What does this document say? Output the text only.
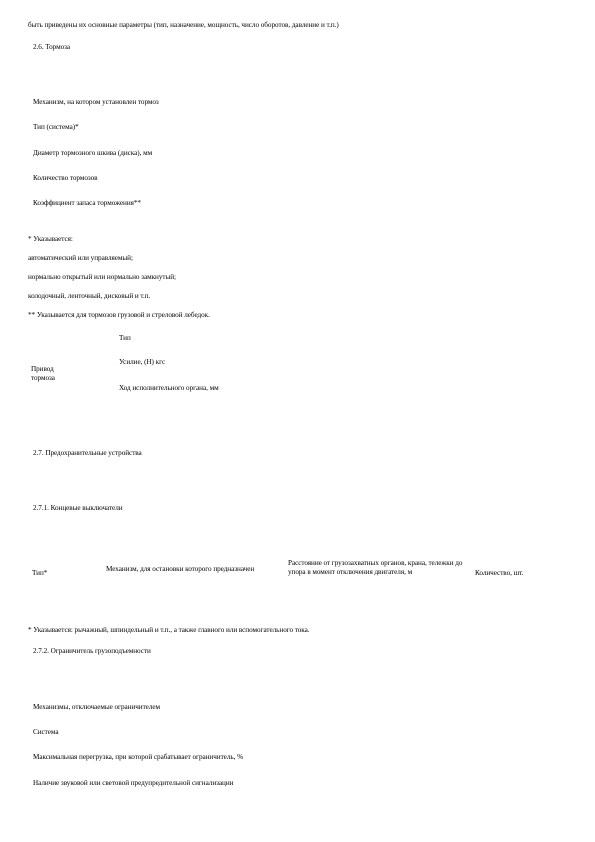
быть приведены их основные параметры (тип, назначение, мощность, число оборотов, давление и т.п.)
2.6. Тормоза
Механизм, на котором установлен тормоз
Тип (система)*
Диаметр тормозного шкива (диска), мм
Количество тормозов
Коэффициент запаса торможения**
* Указывается:
автоматический или управляемый;
нормально открытый или нормально замкнутый;
колодочный, ленточный, дисковый и т.п.
** Указывается для тормозов грузовой и стреловой лебедок.
Привод тормоза
Тип
Усилие, (Н) кгс
Ход исполнительного органа, мм
2.7. Предохранительные устройства
2.7.1. Концевые выключатели
Тип*	Механизм, для остановки которого предназначен
Расстояние от грузозахватных органов, крана, тележки до упора в момент отключения двигателя, м	Количество, шт.
* Указывается: рычажный, шпиндельный и т.п., а также главного или вспомогательного тока.
2.7.2. Ограничитель грузоподъемности
Механизмы, отключаемые ограничителем
Система
Максимальная перегрузка, при которой срабатывает ограничитель, %
Наличие звуковой или световой предупредительной сигнализации
